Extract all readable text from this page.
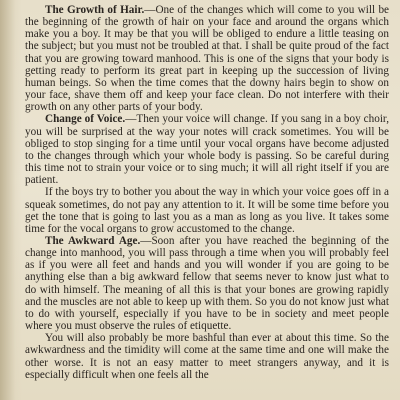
The Growth of Hair.—One of the changes which will come to you will be the beginning of the growth of hair on your face and around the organs which make you a boy. It may be that you will be obliged to endure a little teasing on the subject; but you must not be troubled at that. I shall be quite proud of the fact that you are growing toward manhood. This is one of the signs that your body is getting ready to perform its great part in keeping up the succession of living human beings. So when the time comes that the downy hairs begin to show on your face, shave them off and keep your face clean. Do not interfere with their growth on any other parts of your body.

Change of Voice.—Then your voice will change. If you sang in a boy choir, you will be surprised at the way your notes will crack sometimes. You will be obliged to stop singing for a time until your vocal organs have become adjusted to the changes through which your whole body is passing. So be careful during this time not to strain your voice or to sing much; it will all right itself if you are patient.

If the boys try to bother you about the way in which your voice goes off in a squeak sometimes, do not pay any attention to it. It will be some time before you get the tone that is going to last you as a man as long as you live. It takes some time for the vocal organs to grow accustomed to the change.

The Awkward Age.—Soon after you have reached the beginning of the change into manhood, you will pass through a time when you will probably feel as if you were all feet and hands and you will wonder if you are going to be anything else than a big awkward fellow that seems never to know just what to do with himself. The meaning of all this is that your bones are growing rapidly and the muscles are not able to keep up with them. So you do not know just what to do with yourself, especially if you have to be in society and meet people where you must observe the rules of etiquette.

You will also probably be more bashful than ever at about this time. So the awkwardness and the timidity will come at the same time and one will make the other worse. It is not an easy matter to meet strangers anyway, and it is especially difficult when one feels all the
